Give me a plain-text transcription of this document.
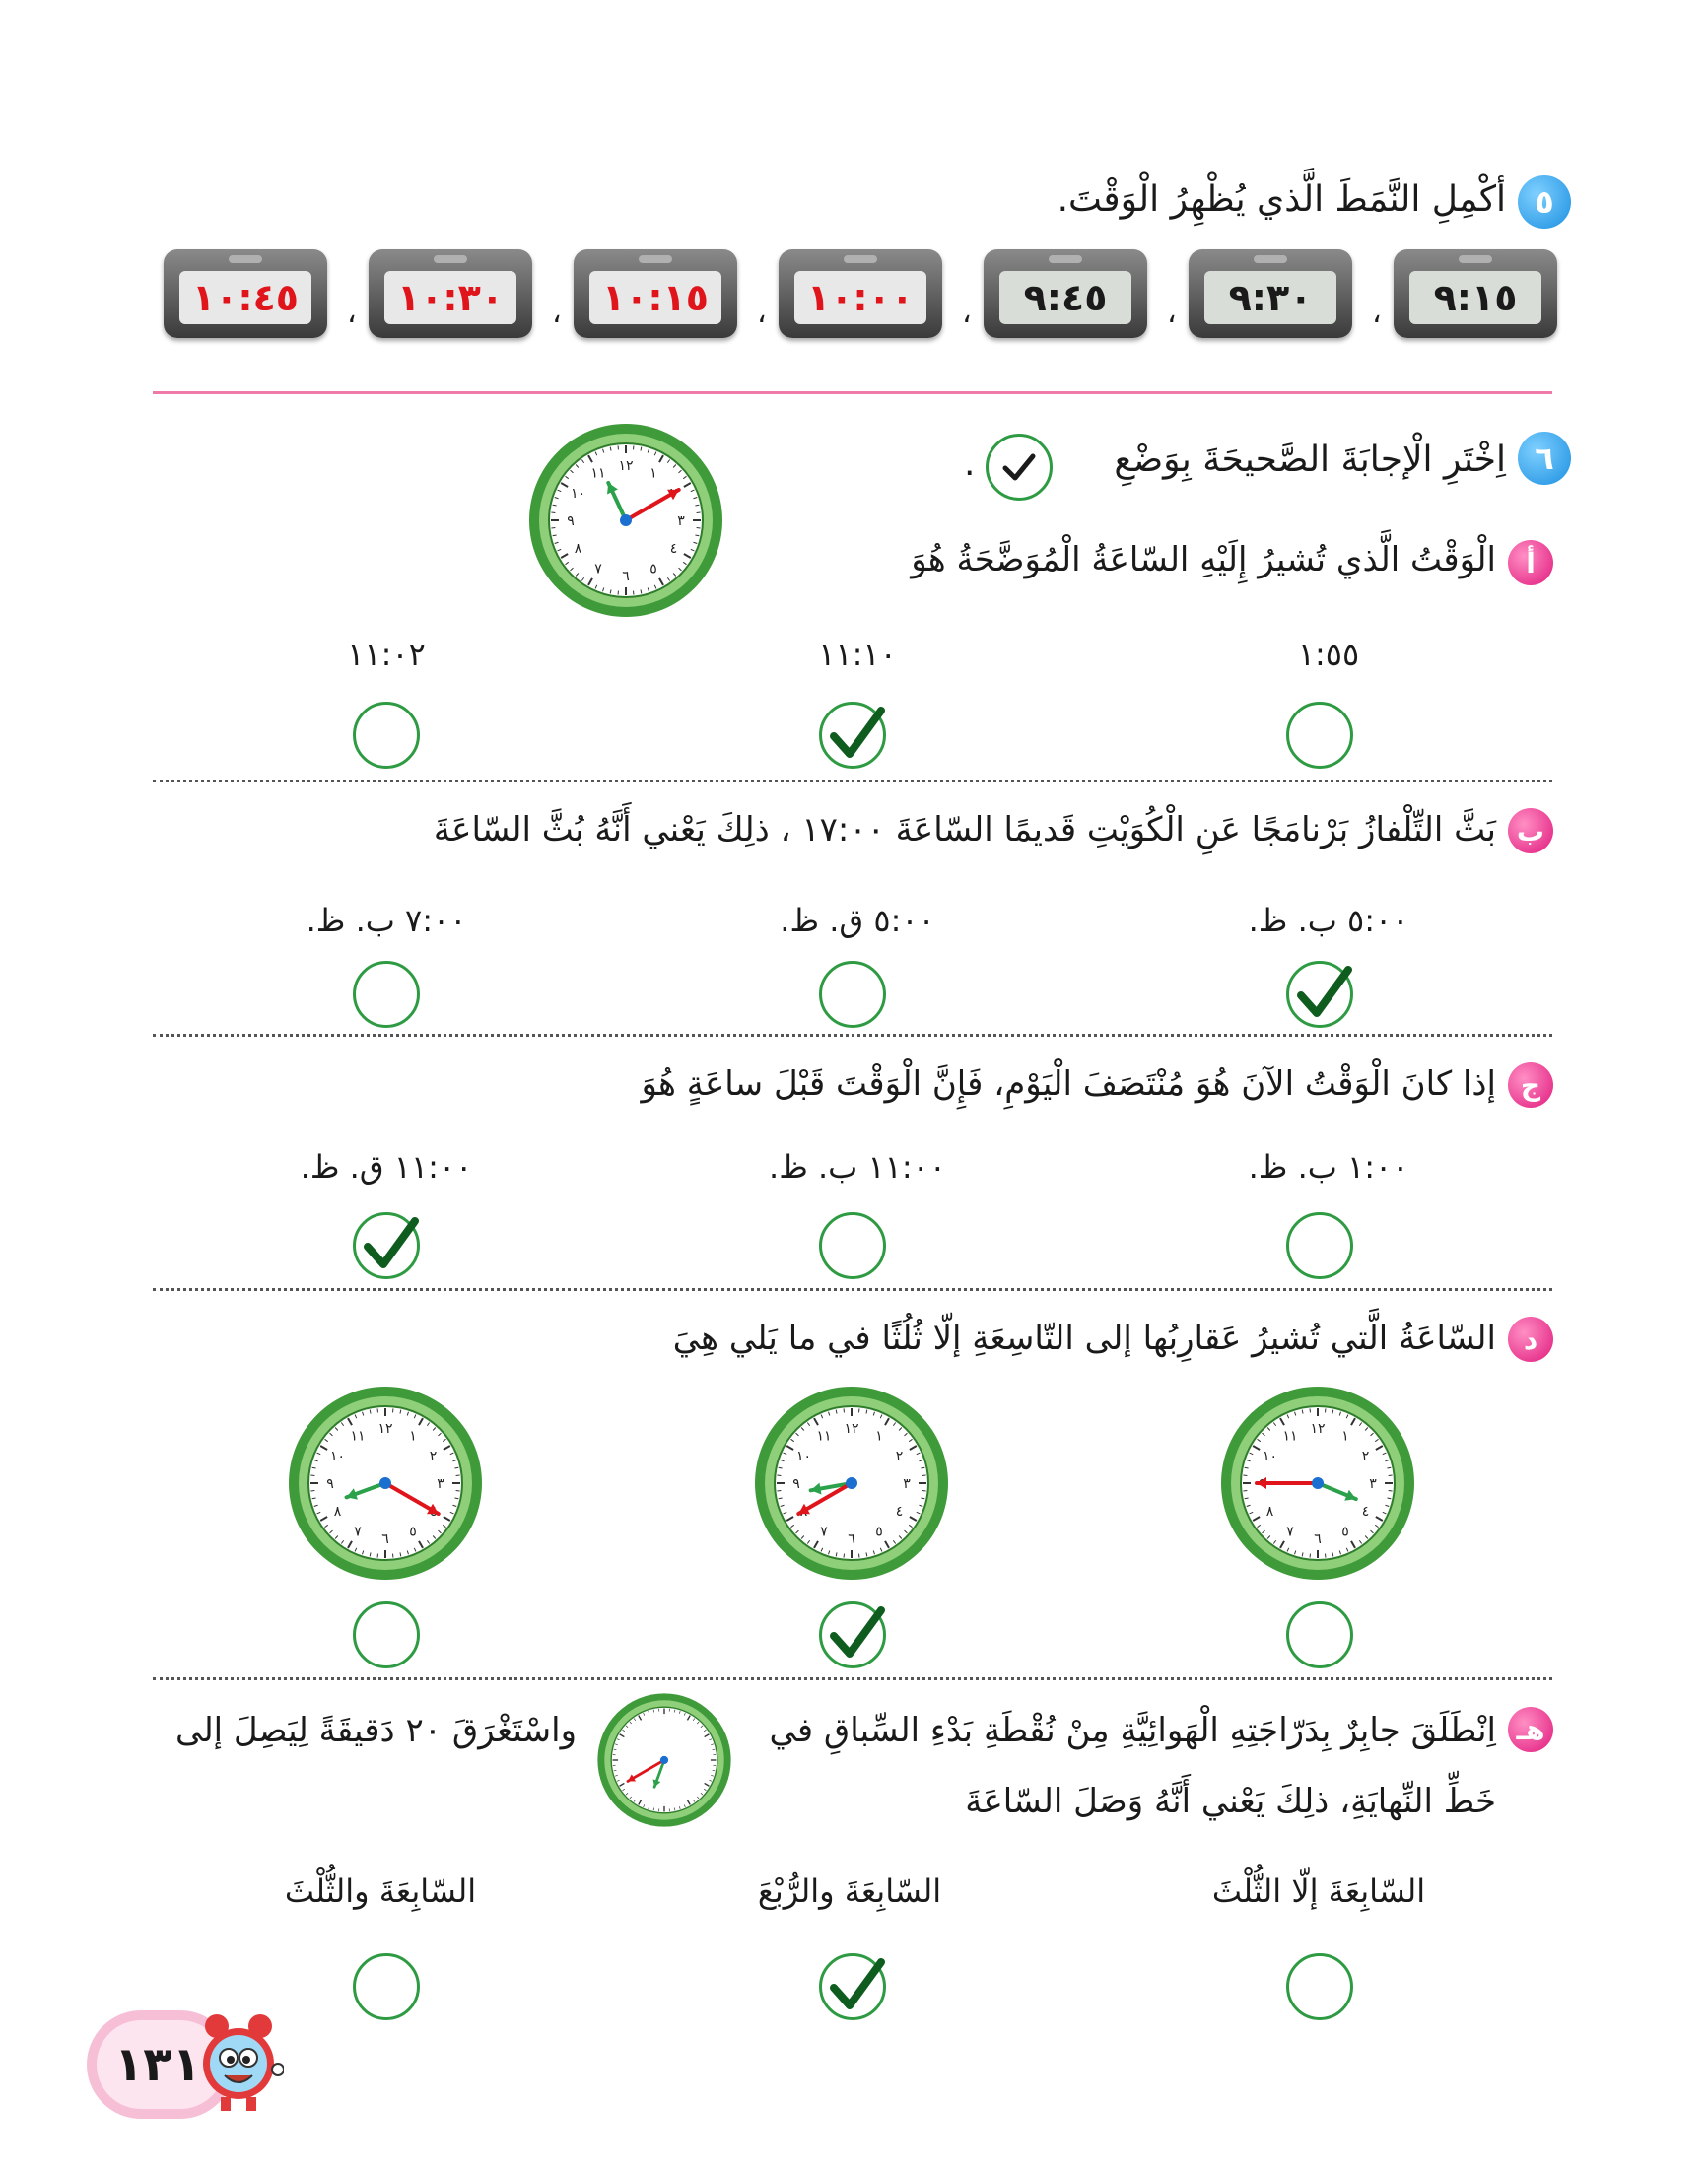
٥
أكْمِلِ النَّمَطَ الَّذي يُظْهِرُ الْوَقْتَ.
٩:١٥
،
٩:٣٠
،
٩:٤٥
،
١٠:٠٠
،
١٠:١٥
،
١٠:٣٠
،
١٠:٤٥
٦
اِخْتَرِ الْإجابَةَ الصَّحيحَةَ بِوَضْعِ
.
١٢ ١
٣
٤
٥
٦
٧
٨
٩
١٠
١١
أ
الْوَقْتُ الَّذي تُشيرُ إِلَيْهِ السّاعَةُ الْمُوَضَّحَةُ هُوَ
١:٥٥
١١:١٠
١١:٠٢
ب
بَثَّ التِّلْفازُ بَرْنامَجًا عَنِ الْكُوَيْتِ قَديمًا السّاعَةَ ١٧:٠٠ ، ذلِكَ يَعْني أَنَّهُ بُثَّ السّاعَةَ
٥:٠٠ ب. ظ.
٥:٠٠ ق. ظ.
٧:٠٠ ب. ظ.
ج
إذا كانَ الْوَقْتُ الآنَ هُوَ مُنْتَصَفَ الْيَوْمِ، فَإِنَّ الْوَقْتَ قَبْلَ ساعَةٍ هُوَ
١:٠٠ ب. ظ.
١١:٠٠ ب. ظ.
١١:٠٠ ق. ظ.
د
السّاعَةُ الَّتي تُشيرُ عَقارِبُها إلى التّاسِعَةِ إلّا ثُلُثًا في ما يَلي هِيَ
١٢ ١
٢
٣
٤
٥
٦
٧
٨
١٠
١١
١٢ ١
٢
٣
٤
٥
٦
٧
٩
١٠
١١
١٢ ١
٢
٣
٥
٦
٧
٨
٩
١٠
١١
هـ
اِنْطَلَقَ جابِرٌ بِدَرّاجَتِهِ الْهَوائِيَّةِ مِنْ نُقْطَةِ بَدْءِ السِّباقِ في
واسْتَغْرَقَ ٢٠ دَقيقَةً لِيَصِلَ إلى
خَطِّ النِّهايَةِ، ذلِكَ يَعْني أَنَّهُ وَصَلَ السّاعَةَ
السّابِعَةَ إلّا الثُّلْثَ
السّابِعَةَ والرُّبْعَ
السّابِعَةَ والثُّلْثَ
١٣١
